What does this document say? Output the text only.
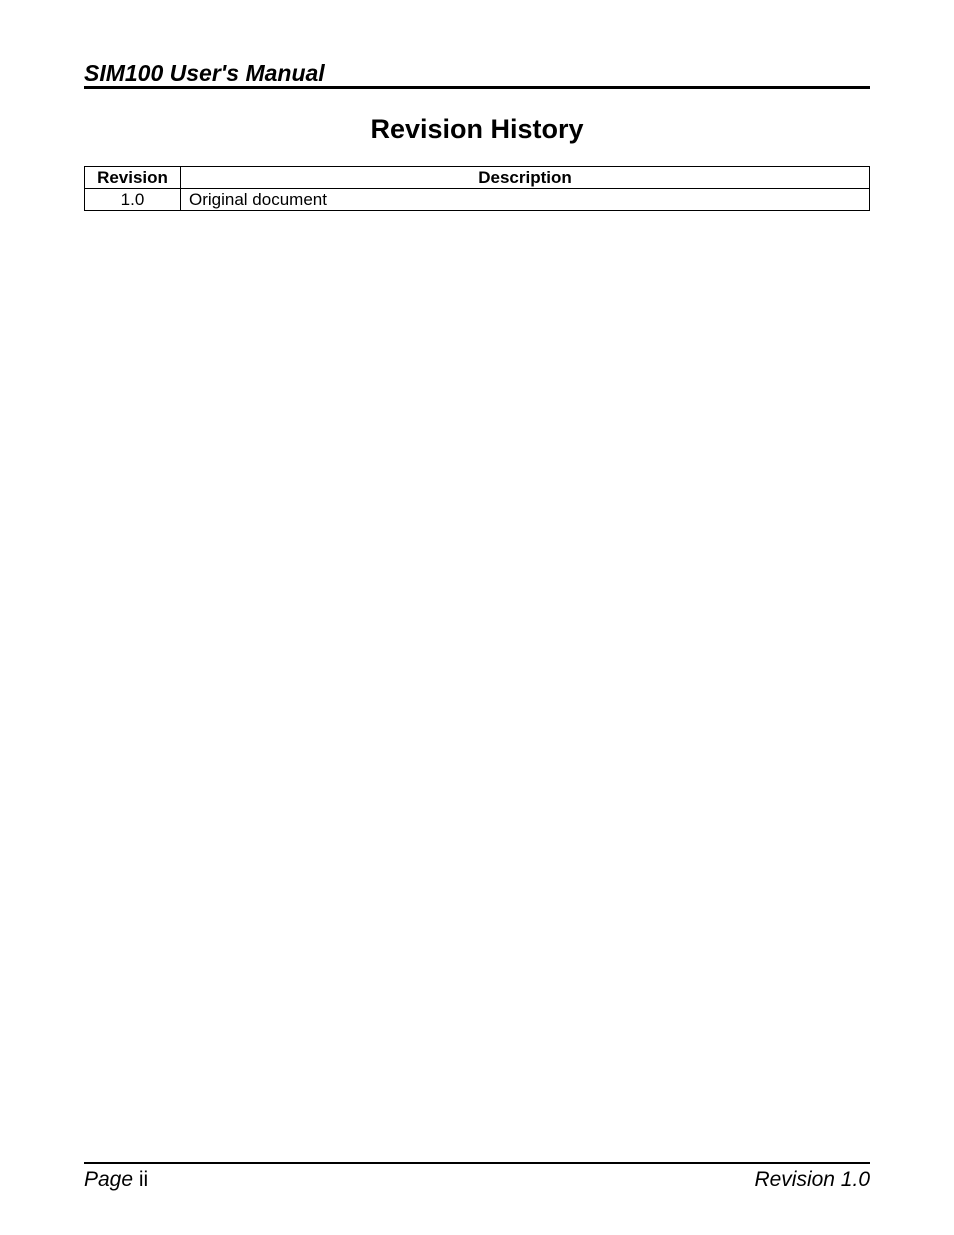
SIM100 User's Manual
Revision History
Revision	Description
1.0	Original document
Page ii	Revision 1.0
